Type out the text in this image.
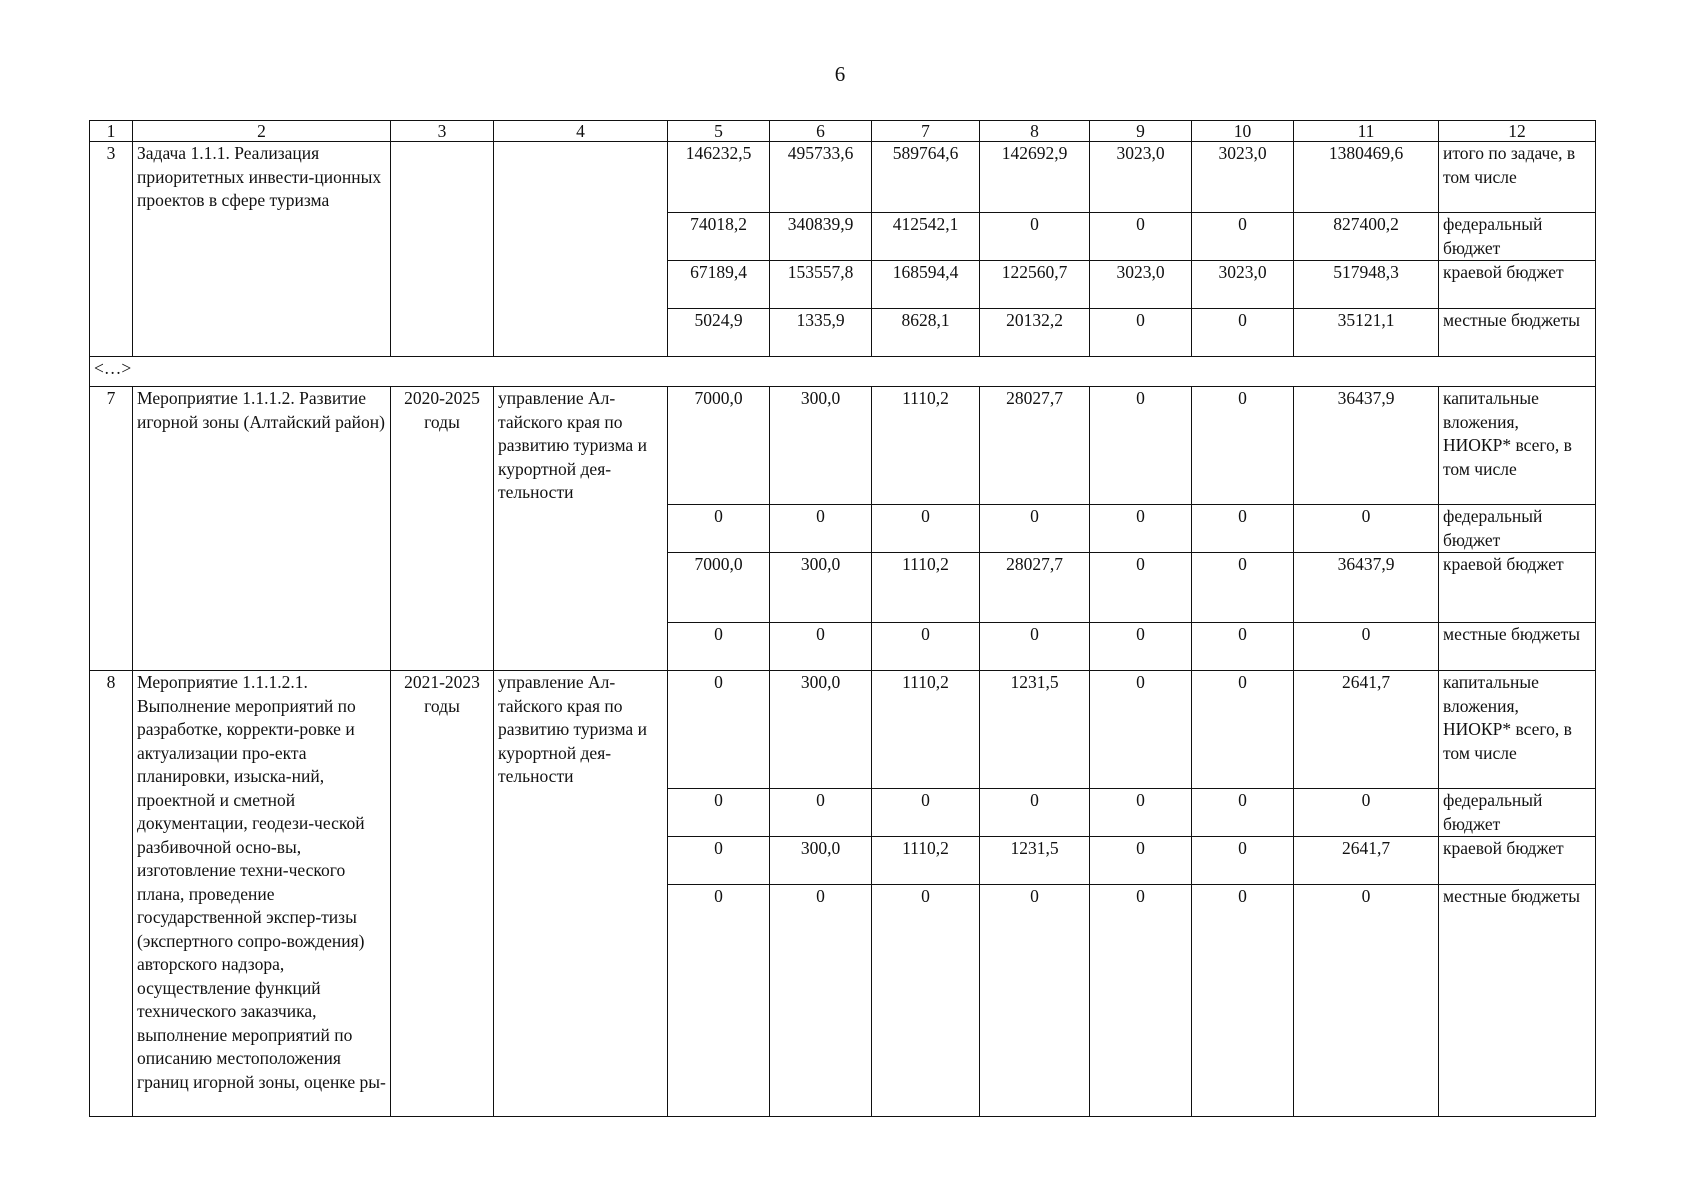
6
1	2	3	4	5	6	7	8	9	10	11	12
3	Задача 1.1.1. Реализация приоритетных инвести-ционных проектов в сфере туризма			146232,5	495733,6	589764,6	142692,9	3023,0	3023,0	1380469,6	итого по задаче, в том числе
				74018,2	340839,9	412542,1	0	0	0	827400,2	федеральный бюджет
				67189,4	153557,8	168594,4	122560,7	3023,0	3023,0	517948,3	краевой бюджет
				5024,9	1335,9	8628,1	20132,2	0	0	35121,1	местные бюджеты
<…>											
7	Мероприятие 1.1.1.2. Развитие игорной зоны (Алтайский район)	2020-2025 годы	управление Ал-тайского края по развитию туризма и курортной дея-тельности	7000,0	300,0	1110,2	28027,7	0	0	36437,9	капитальные вложения, НИОКР* всего, в том числе
				0	0	0	0	0	0	0	федеральный бюджет
				7000,0	300,0	1110,2	28027,7	0	0	36437,9	краевой бюджет
				0	0	0	0	0	0	0	местные бюджеты
8	Мероприятие 1.1.1.2.1. Выполнение мероприятий по разработке, корректи-ровке и актуализации про-екта планировки, изыска-ний, проектной и сметной документации, геодези-ческой разбивочной осно-вы, изготовление техни-ческого плана, проведение государственной экспер-тизы (экспертного сопро-вождения) авторского надзора, осуществление функций технического заказчика, выполнение мероприятий по описанию местоположения границ игорной зоны, оценке ры-	2021-2023 годы	управление Ал-тайского края по развитию туризма и курортной дея-тельности	0	300,0	1110,2	1231,5	0	0	2641,7	капитальные вложения, НИОКР* всего, в том числе
				0	0	0	0	0	0	0	федеральный бюджет
				0	300,0	1110,2	1231,5	0	0	2641,7	краевой бюджет
				0	0	0	0	0	0	0	местные бюджеты
